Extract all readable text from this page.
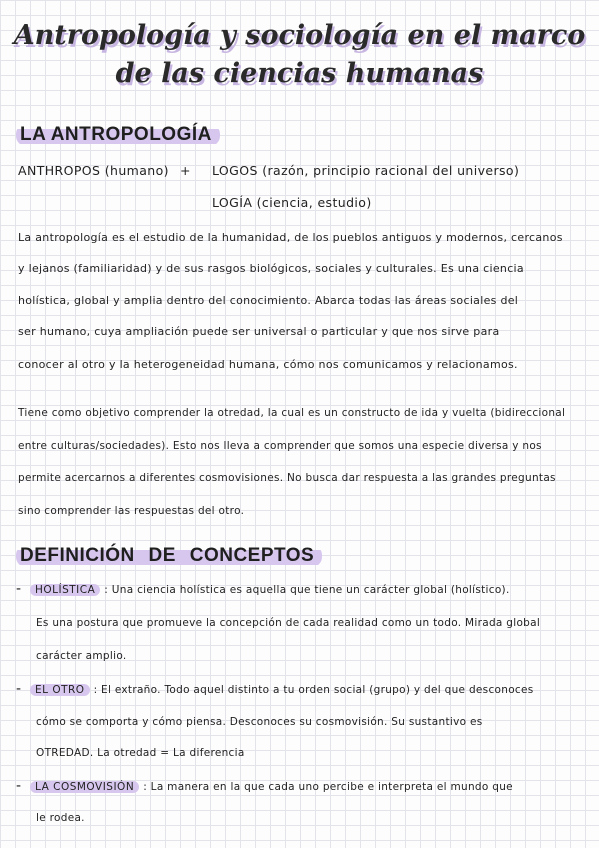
Antropología y sociología en el marco
de las ciencias humanas
LA ANTROPOLOGÍA
ANTHROPOS (humano) + LOGOS (razón, principio racional del universo)
LOGÍA (ciencia, estudio)
La antropología es el estudio de la humanidad, de los pueblos antiguos y modernos, cercanos
y lejanos (familiaridad) y de sus rasgos biológicos, sociales y culturales. Es una ciencia
holística, global y amplia dentro del conocimiento. Abarca todas las áreas sociales del
ser humano, cuya ampliación puede ser universal o particular y que nos sirve para
conocer al otro y la heterogeneidad humana, cómo nos comunicamos y relacionamos.
Tiene como objetivo comprender la otredad, la cual es un constructo de ida y vuelta (bidireccional
entre culturas/sociedades). Esto nos lleva a comprender que somos una especie diversa y nos
permite acercarnos a diferentes cosmovisiones. No busca dar respuesta a las grandes preguntas
sino comprender las respuestas del otro.
DEFINICIÓN DE CONCEPTOS
-	HOLÍSTICA : Una ciencia holística es aquella que tiene un carácter global (holístico).
Es una postura que promueve la concepción de cada realidad como un todo. Mirada global
carácter amplio.
-	EL OTRO : El extraño. Todo aquel distinto a tu orden social (grupo) y del que desconoces
cómo se comporta y cómo piensa. Desconoces su cosmovisión. Su sustantivo es
OTREDAD. La otredad = La diferencia
-	LA COSMOVISIÓN : La manera en la que cada uno percibe e interpreta el mundo que
le rodea.
